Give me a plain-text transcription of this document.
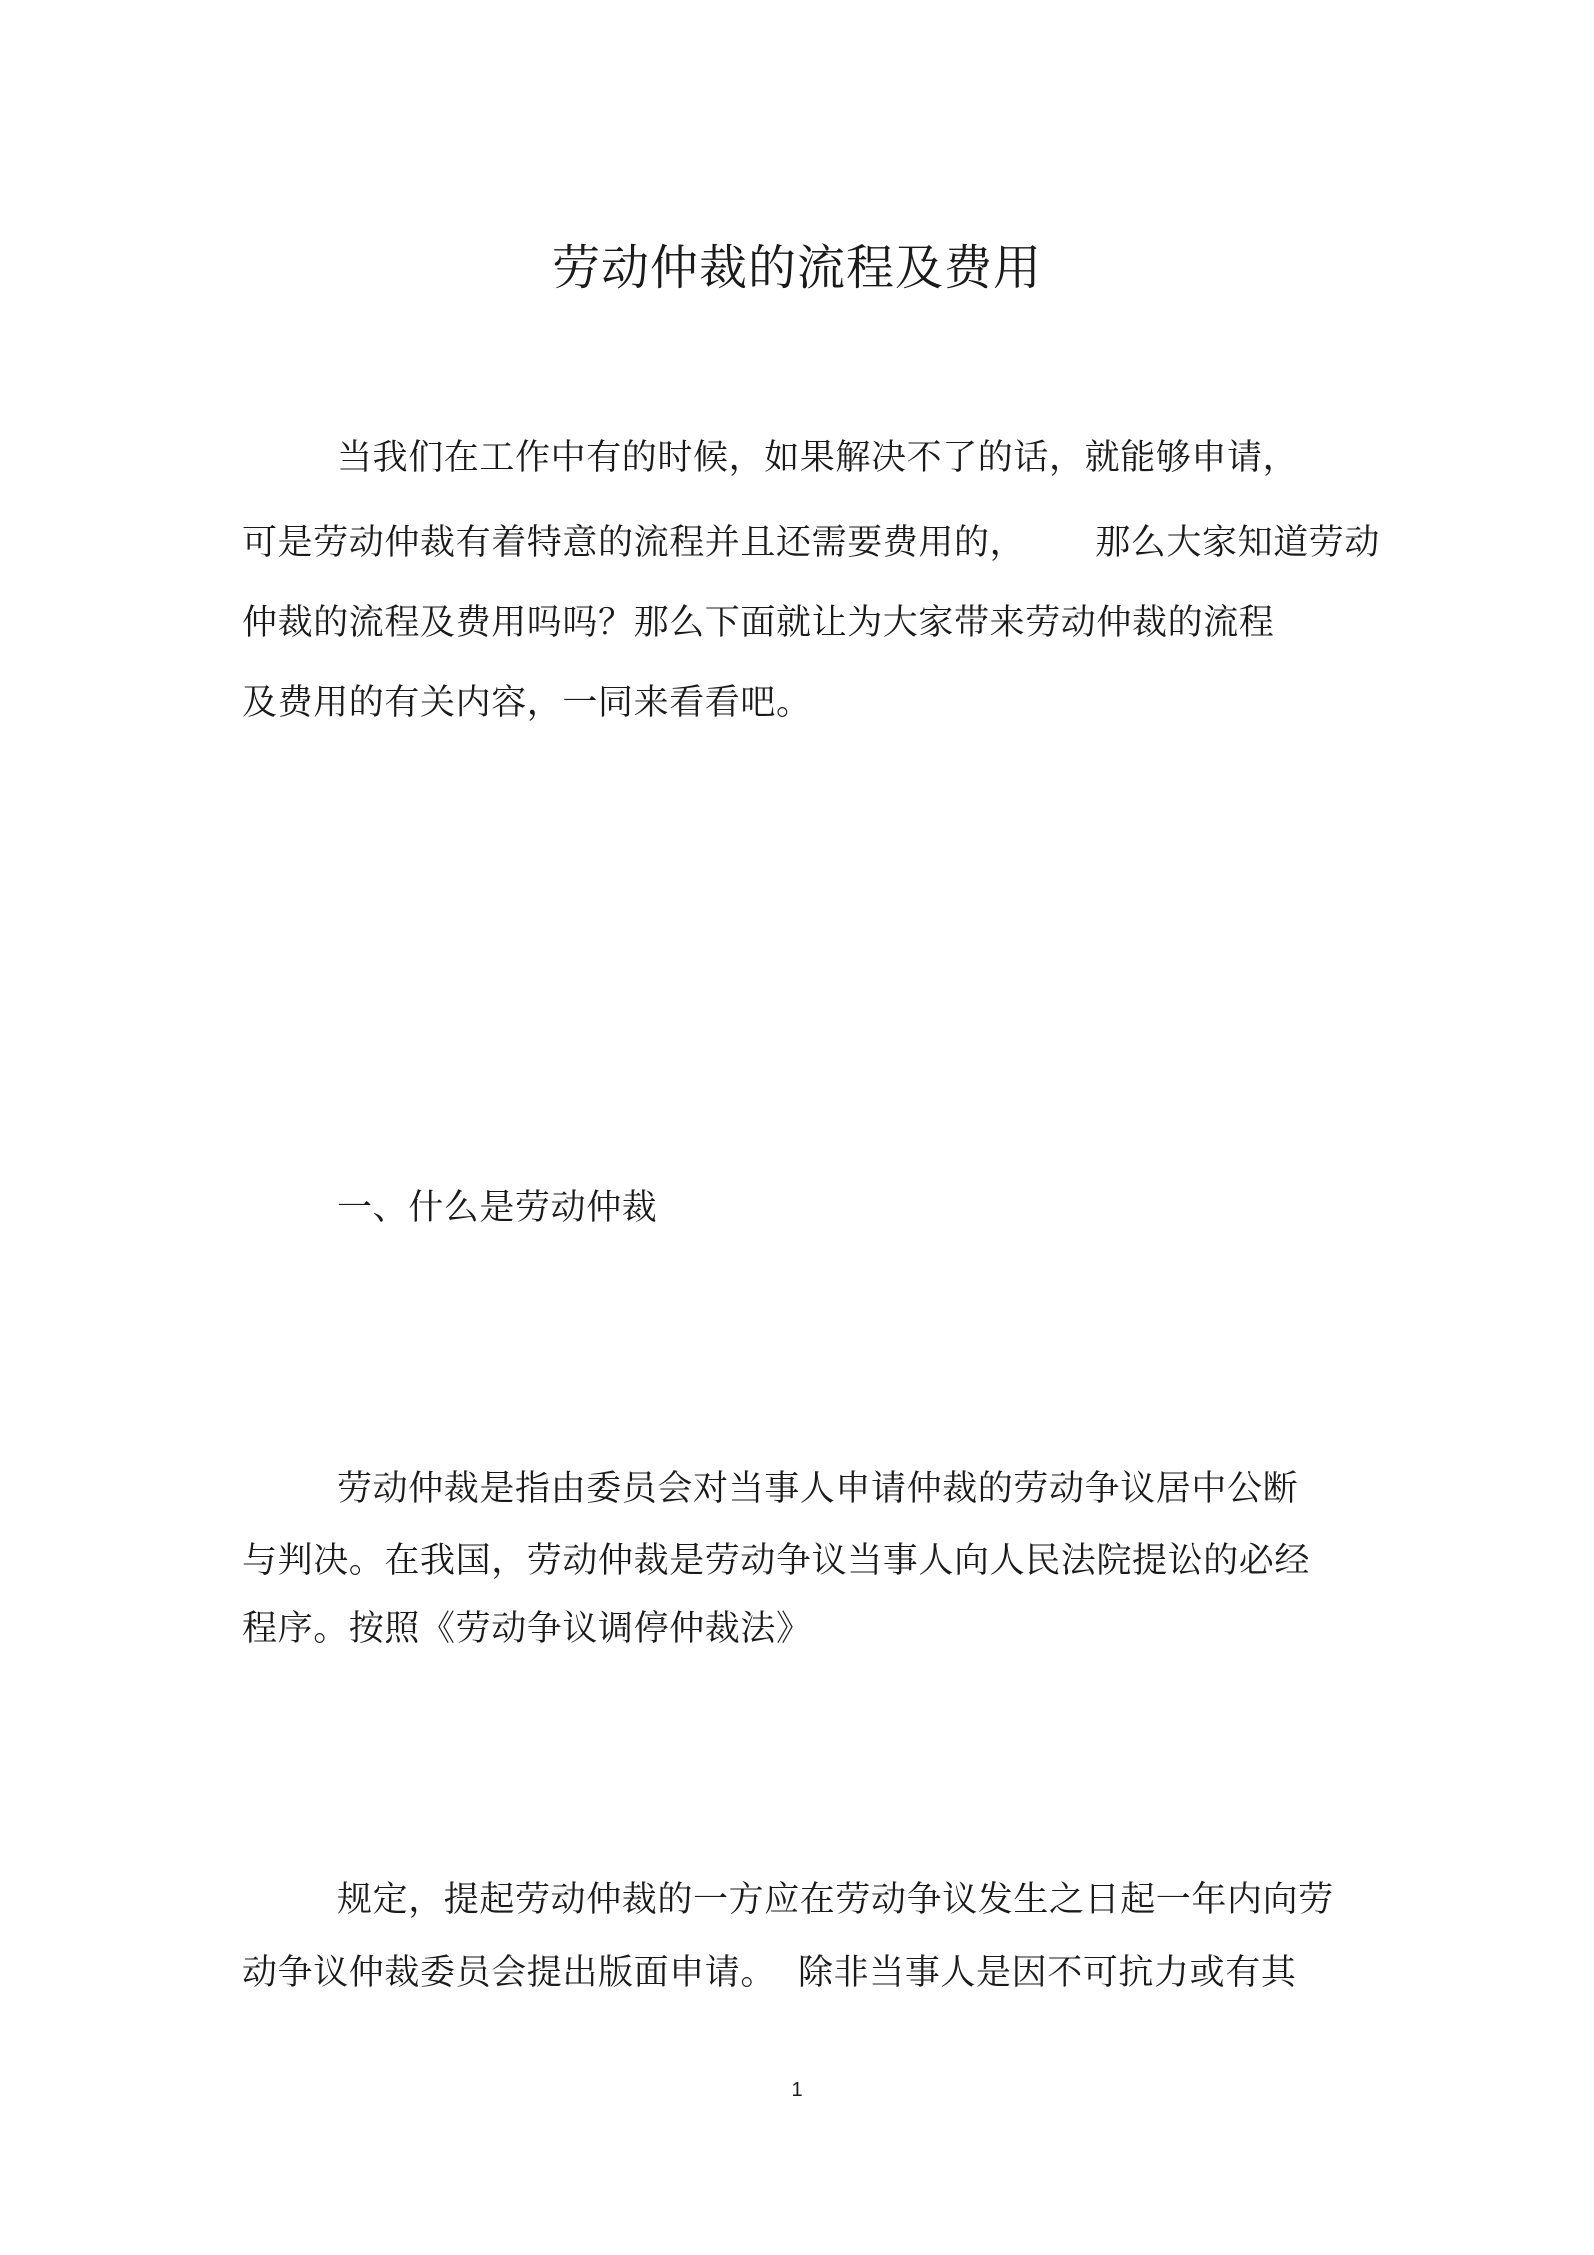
劳动仲裁的流程及费用
当我们在工作中有的时候，如果解决不了的话，就能够申请，
可是劳动仲裁有着特意的流程并且还需要费用的， 那么大家知道劳动
仲裁的流程及费用吗吗？那么下面就让为大家带来劳动仲裁的流程
及费用的有关内容，一同来看看吧。
一、什么是劳动仲裁
劳动仲裁是指由委员会对当事人申请仲裁的劳动争议居中公断
与判决。在我国，劳动仲裁是劳动争议当事人向人民法院提讼的必经
程序。按照《劳动争议调停仲裁法》
规定，提起劳动仲裁的一方应在劳动争议发生之日起一年内向劳
动争议仲裁委员会提出版面申请。 除非当事人是因不可抗力或有其
1
